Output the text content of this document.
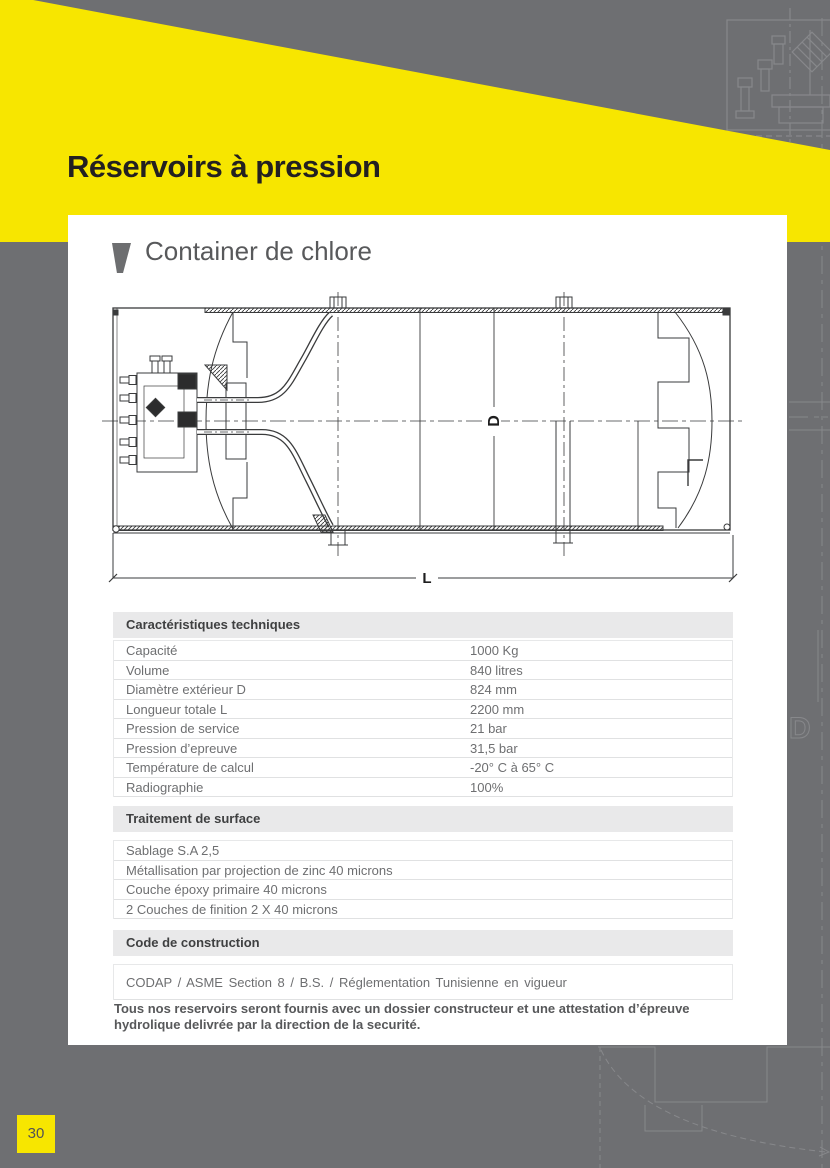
D
Réservoirs à pression
Container de chlore
D
L
Caractéristiques techniques
Capacité	1000 Kg
Volume	840 litres
Diamètre extérieur D	824 mm
Longueur totale L	2200 mm
Pression de service	21 bar
Pression d’epreuve	31,5 bar
Température de calcul	-20° C à 65° C
Radiographie	100%
Traitement de surface
Sablage S.A 2,5
Métallisation par projection de zinc 40 microns
Couche époxy primaire 40 microns
2 Couches de finition 2 X 40 microns
Code de construction
CODAP / ASME Section 8 / B.S. / Réglementation Tunisienne en vigueur
Tous nos reservoirs seront fournis avec un dossier constructeur et une attestation d’épreuve hydrolique delivrée par la direction de la securité.
30
